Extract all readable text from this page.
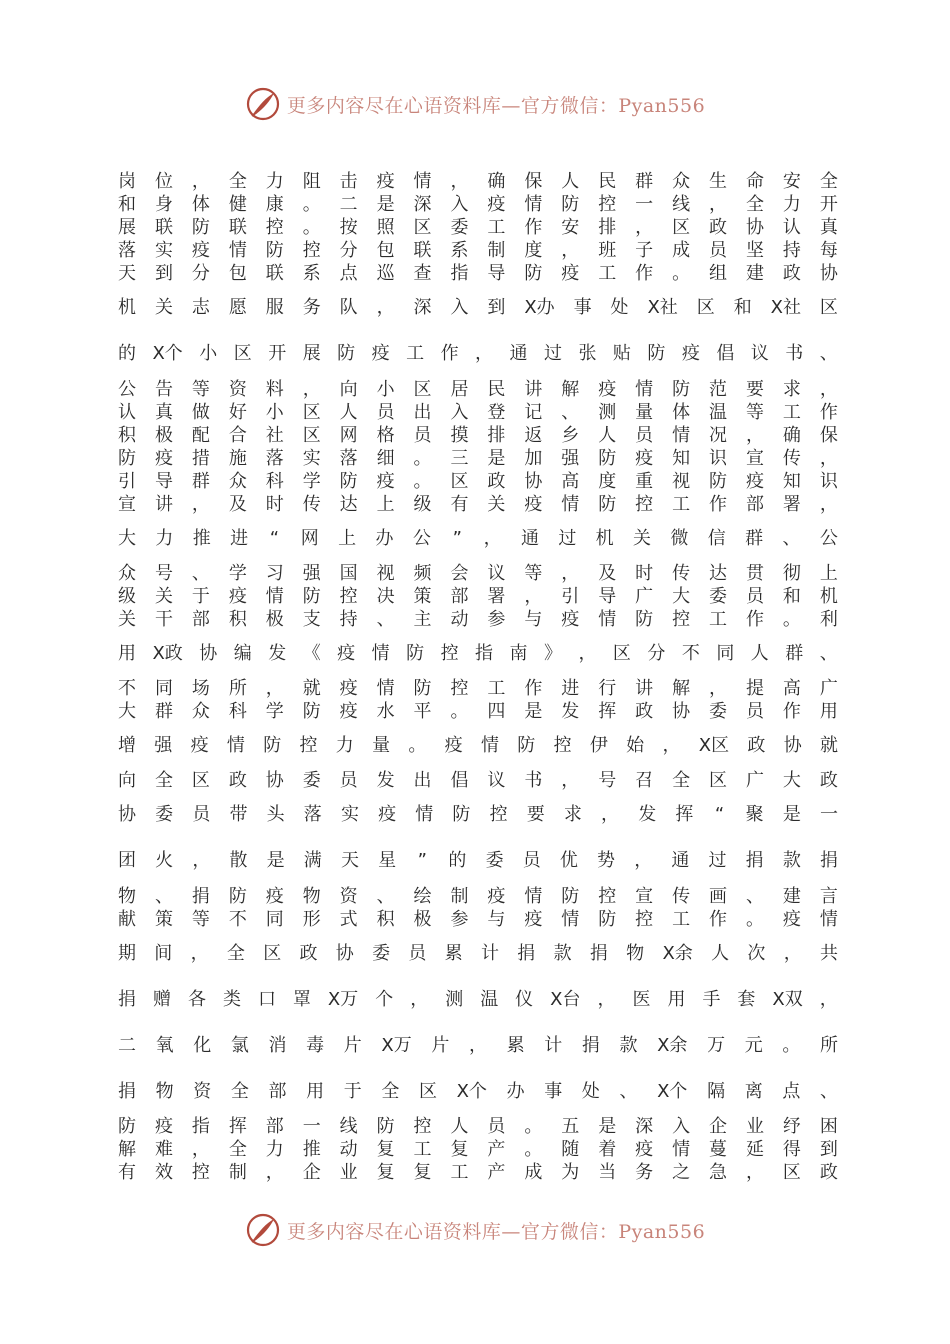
更多内容尽在心语资料库—官方微信：Pyan556
岗 位 ， 全 力 阻 击 疫 情 ， 确 保 人 民 群 众 生 命 安 全
和 身 体 健 康 。 二 是 深 入 疫 情 防 控 一 线 ， 全 力 开
展 联 防 联 控 。 按 照 区 委 工 作 安 排 ， 区 政 协 认 真
落 实 疫 情 防 控 分 包 联 系 制 度 ， 班 子 成 员 坚 持 每
天 到 分 包 联 系 点 巡 查 指 导 防 疫 工 作 。 组 建 政 协
机 关 志 愿 服 务 队 ， 深 入 到 X办 事 处 X社 区 和 X社 区
的 X个 小 区 开 展 防 疫 工 作 ， 通 过 张 贴 防 疫 倡 议 书 、
公 告 等 资 料 ， 向 小 区 居 民 讲 解 疫 情 防 范 要 求 ，
认 真 做 好 小 区 人 员 出 入 登 记 、 测 量 体 温 等 工 作
积 极 配 合 社 区 网 格 员 摸 排 返 乡 人 员 情 况 ， 确 保
防 疫 措 施 落 实 落 细 。 三 是 加 强 防 疫 知 识 宣 传 ，
引 导 群 众 科 学 防 疫 。 区 政 协 高 度 重 视 防 疫 知 识
宣 讲 ， 及 时 传 达 上 级 有 关 疫 情 防 控 工 作 部 署 ，
大 力 推 进 “ 网 上 办 公 ” ， 通 过 机 关 微 信 群 、 公
众 号 、 学 习 强 国 视 频 会 议 等 ， 及 时 传 达 贯 彻 上
级 关 于 疫 情 防 控 决 策 部 署 ， 引 导 广 大 委 员 和 机
关 干 部 积 极 支 持 、 主 动 参 与 疫 情 防 控 工 作 。 利
用 X政 协 编 发 《 疫 情 防 控 指 南 》 ， 区 分 不 同 人 群 、
不 同 场 所 ， 就 疫 情 防 控 工 作 进 行 讲 解 ， 提 高 广
大 群 众 科 学 防 疫 水 平 。 四 是 发 挥 政 协 委 员 作 用
增 强 疫 情 防 控 力 量 。 疫 情 防 控 伊 始 ， X区 政 协 就
向 全 区 政 协 委 员 发 出 倡 议 书 ， 号 召 全 区 广 大 政
协 委 员 带 头 落 实 疫 情 防 控 要 求 ， 发 挥 “ 聚 是 一
团 火 ， 散 是 满 天 星 ” 的 委 员 优 势 ， 通 过 捐 款 捐
物 、 捐 防 疫 物 资 、 绘 制 疫 情 防 控 宣 传 画 、 建 言
献 策 等 不 同 形 式 积 极 参 与 疫 情 防 控 工 作 。 疫 情
期 间 ， 全 区 政 协 委 员 累 计 捐 款 捐 物 X余 人 次 ， 共
捐 赠 各 类 口 罩 X万 个 ， 测 温 仪 X台 ， 医 用 手 套 X双 ，
二 氧 化 氯 消 毒 片 X万 片 ， 累 计 捐 款 X余 万 元 。 所
捐 物 资 全 部 用 于 全 区 X个 办 事 处 、 X个 隔 离 点 、
防 疫 指 挥 部 一 线 防 控 人 员 。 五 是 深 入 企 业 纾 困
解 难 ， 全 力 推 动 复 工 复 产 。 随 着 疫 情 蔓 延 得 到
有 效 控 制 ， 企 业 复 复 工 产 成 为 当 务 之 急 ， 区 政
更多内容尽在心语资料库—官方微信：Pyan556
